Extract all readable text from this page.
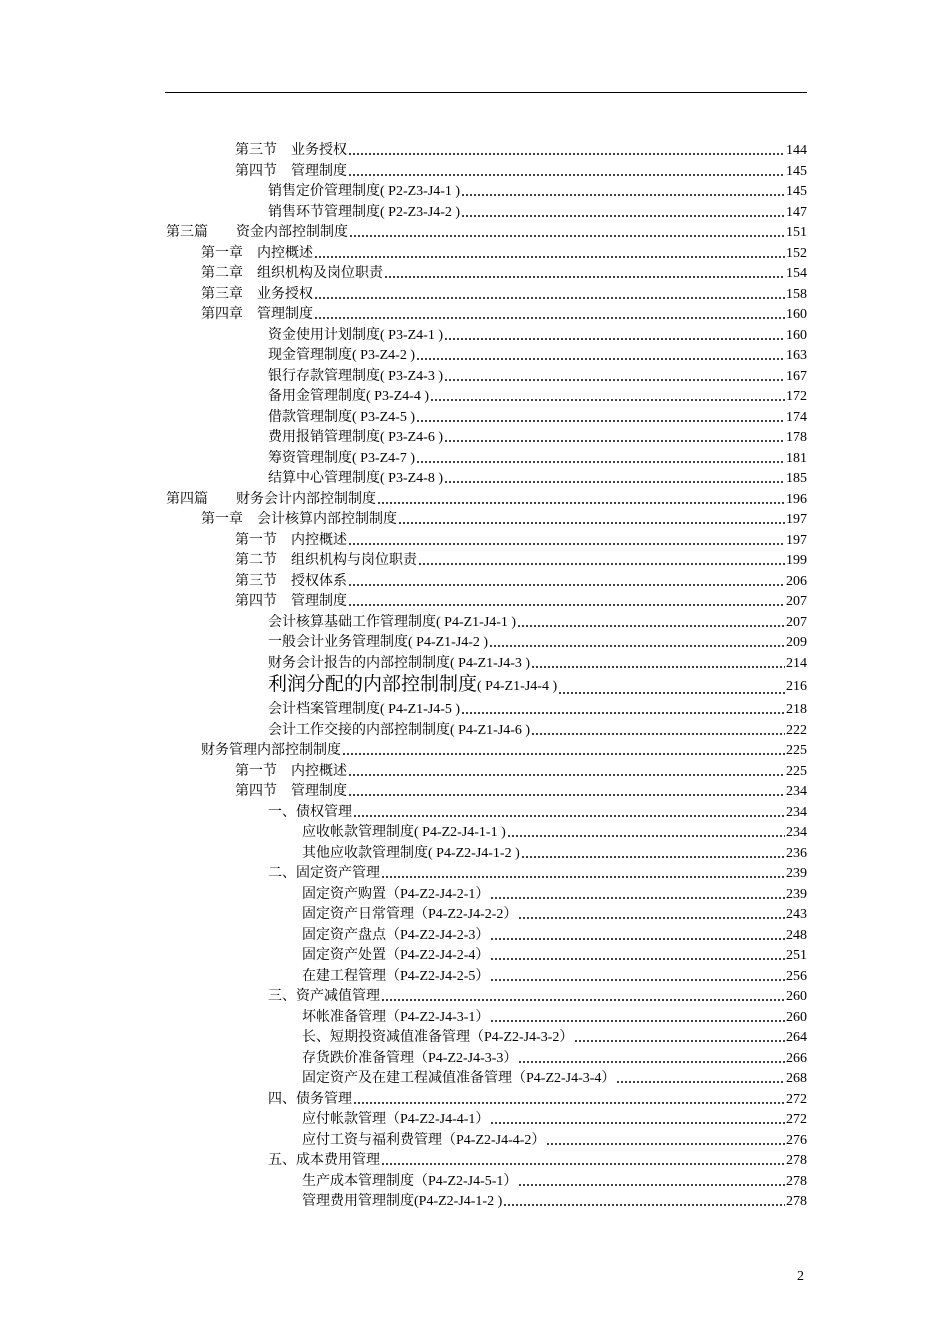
第三节　业务授权	144
第四节　管理制度	145
销售定价管理制度( P2-Z3-J4-1 )	145
销售环节管理制度( P2-Z3-J4-2 )	147
第三篇　　资金内部控制制度	151
第一章　内控概述	152
第二章　组织机构及岗位职责	154
第三章　业务授权	158
第四章　管理制度	160
资金使用计划制度( P3-Z4-1 )	160
现金管理制度( P3-Z4-2 )	163
银行存款管理制度( P3-Z4-3 )	167
备用金管理制度( P3-Z4-4 )	172
借款管理制度( P3-Z4-5 )	174
费用报销管理制度( P3-Z4-6 )	178
筹资管理制度( P3-Z4-7 )	181
结算中心管理制度( P3-Z4-8 )	185
第四篇　　财务会计内部控制制度	196
第一章　会计核算内部控制制度	197
第一节　内控概述	197
第二节　组织机构与岗位职责	199
第三节　授权体系	206
第四节　管理制度	207
会计核算基础工作管理制度( P4-Z1-J4-1 )	207
一般会计业务管理制度( P4-Z1-J4-2 )	209
财务会计报告的内部控制制度( P4-Z1-J4-3 )	214
利润分配的内部控制制度( P4-Z1-J4-4 )	216
会计档案管理制度( P4-Z1-J4-5 )	218
会计工作交接的内部控制制度( P4-Z1-J4-6 )	222
财务管理内部控制制度	225
第一节　内控概述	225
第四节　管理制度	234
一、债权管理	234
应收帐款管理制度( P4-Z2-J4-1-1 )	234
其他应收款管理制度( P4-Z2-J4-1-2 )	236
二、固定资产管理	239
固定资产购置（P4-Z2-J4-2-1）	239
固定资产日常管理（P4-Z2-J4-2-2）	243
固定资产盘点（P4-Z2-J4-2-3）	248
固定资产处置（P4-Z2-J4-2-4）	251
在建工程管理（P4-Z2-J4-2-5）	256
三、资产减值管理	260
坏帐准备管理（P4-Z2-J4-3-1）	260
长、短期投资减值准备管理（P4-Z2-J4-3-2）	264
存货跌价准备管理（P4-Z2-J4-3-3）	266
固定资产及在建工程减值准备管理（P4-Z2-J4-3-4）	268
四、债务管理	272
应付帐款管理（P4-Z2-J4-4-1）	272
应付工资与福利费管理（P4-Z2-J4-4-2）	276
五、成本费用管理	278
生产成本管理制度（P4-Z2-J4-5-1）	278
管理费用管理制度(P4-Z2-J4-1-2 )	278
2
